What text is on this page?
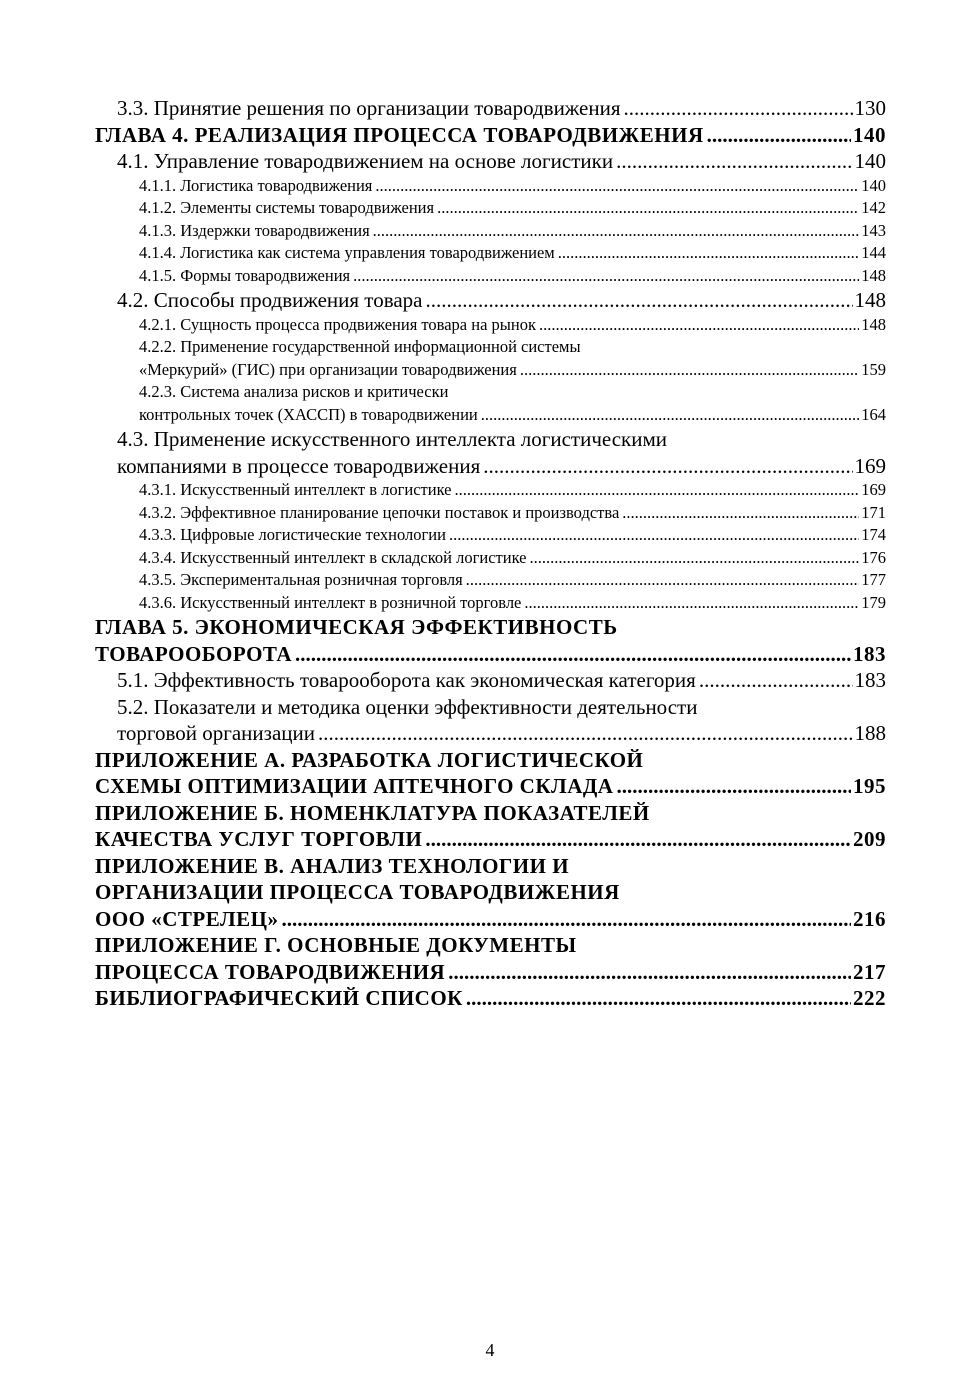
3.3. Принятие решения по организации товародвижения .....	130
ГЛАВА 4. РЕАЛИЗАЦИЯ ПРОЦЕССА ТОВАРОДВИЖЕНИЯ .....	140
4.1. Управление товародвижением на основе логистики .....	140
4.1.1. Логистика товародвижения .....	140
4.1.2. Элементы системы товародвижения .....	142
4.1.3. Издержки товародвижения .....	143
4.1.4. Логистика как система управления товародвижением .....	144
4.1.5. Формы товародвижения .....	148
4.2. Способы продвижения товара .....	148
4.2.1. Сущность процесса продвижения товара на рынок .....	148
4.2.2. Применение государственной информационной системы
«Меркурий» (ГИС) при организации товародвижения .....	159
4.2.3. Система анализа рисков и критически
контрольных точек (ХАССП) в товародвижении .....	164
4.3. Применение искусственного интеллекта логистическими
компаниями в процессе товародвижения .....	169
4.3.1. Искусственный интеллект в логистике .....	169
4.3.2. Эффективное планирование цепочки поставок и производства .....	171
4.3.3. Цифровые логистические технологии .....	174
4.3.4. Искусственный интеллект в складской логистике .....	176
4.3.5. Экспериментальная розничная торговля .....	177
4.3.6. Искусственный интеллект в розничной торговле .....	179
ГЛАВА 5. ЭКОНОМИЧЕСКАЯ ЭФФЕКТИВНОСТЬ
ТОВАРООБОРОТА .....	183
5.1. Эффективность товарооборота как экономическая категория .....	183
5.2. Показатели и методика оценки эффективности деятельности
торговой организации .....	188
ПРИЛОЖЕНИЕ А. РАЗРАБОТКА ЛОГИСТИЧЕСКОЙ
СХЕМЫ ОПТИМИЗАЦИИ АПТЕЧНОГО СКЛАДА .....	195
ПРИЛОЖЕНИЕ Б. НОМЕНКЛАТУРА ПОКАЗАТЕЛЕЙ
КАЧЕСТВА УСЛУГ ТОРГОВЛИ .....	209
ПРИЛОЖЕНИЕ В. АНАЛИЗ ТЕХНОЛОГИИ И
ОРГАНИЗАЦИИ ПРОЦЕССА ТОВАРОДВИЖЕНИЯ
ООО «СТРЕЛЕЦ» .....	216
ПРИЛОЖЕНИЕ Г. ОСНОВНЫЕ ДОКУМЕНТЫ
ПРОЦЕССА ТОВАРОДВИЖЕНИЯ .....	217
БИБЛИОГРАФИЧЕСКИЙ СПИСОК .....	222
4
